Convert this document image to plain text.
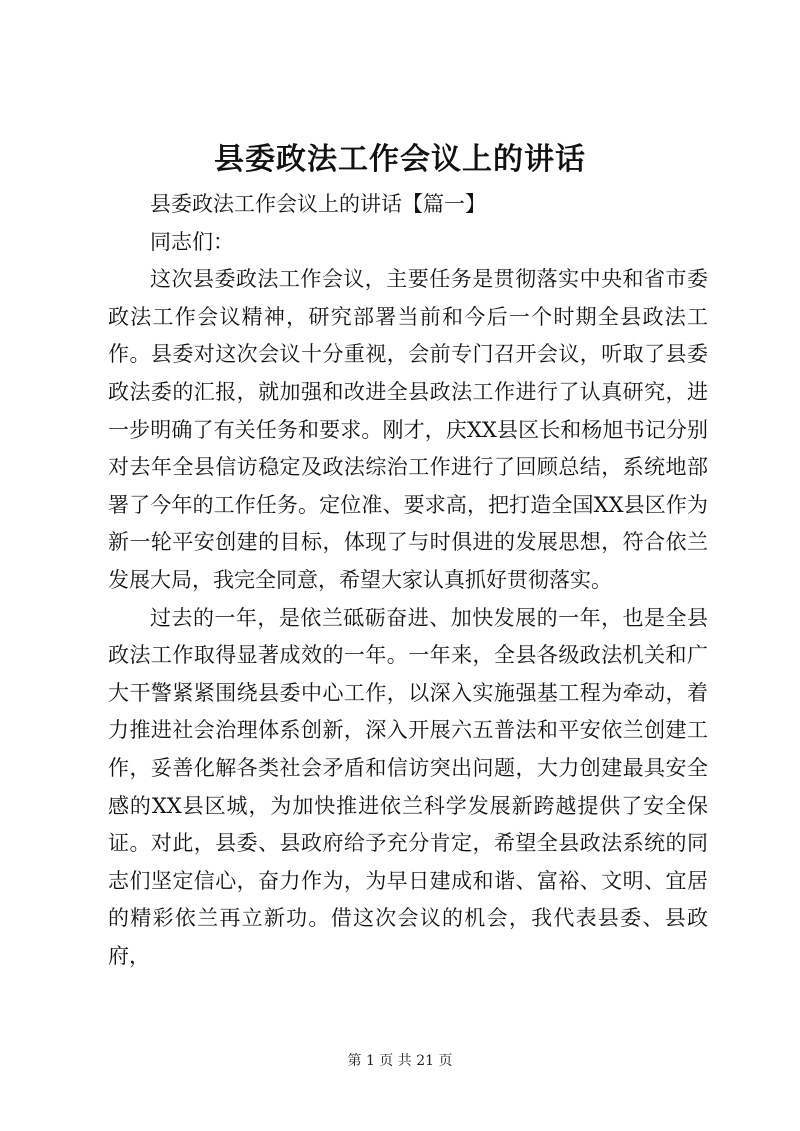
县委政法工作会议上的讲话

县委政法工作会议上的讲话【篇一】

同志们：

这次县委政法工作会议，主要任务是贯彻落实中央和省市委政法工作会议精神，研究部署当前和今后一个时期全县政法工作。县委对这次会议十分重视，会前专门召开会议，听取了县委政法委的汇报，就加强和改进全县政法工作进行了认真研究，进一步明确了有关任务和要求。刚才，庆XX县区长和杨旭书记分别对去年全县信访稳定及政法综治工作进行了回顾总结，系统地部署了今年的工作任务。定位准、要求高，把打造全国XX县区作为新一轮平安创建的目标，体现了与时俱进的发展思想，符合依兰发展大局，我完全同意，希望大家认真抓好贯彻落实。

过去的一年，是依兰砥砺奋进、加快发展的一年，也是全县政法工作取得显著成效的一年。一年来，全县各级政法机关和广大干警紧紧围绕县委中心工作，以深入实施强基工程为牵动，着力推进社会治理体系创新，深入开展六五普法和平安依兰创建工作，妥善化解各类社会矛盾和信访突出问题，大力创建最具安全感的XX县区城，为加快推进依兰科学发展新跨越提供了安全保证。对此，县委、县政府给予充分肯定，希望全县政法系统的同志们坚定信心，奋力作为，为早日建成和谐、富裕、文明、宜居的精彩依兰再立新功。借这次会议的机会，我代表县委、县政府，

第 1 页 共 21 页
